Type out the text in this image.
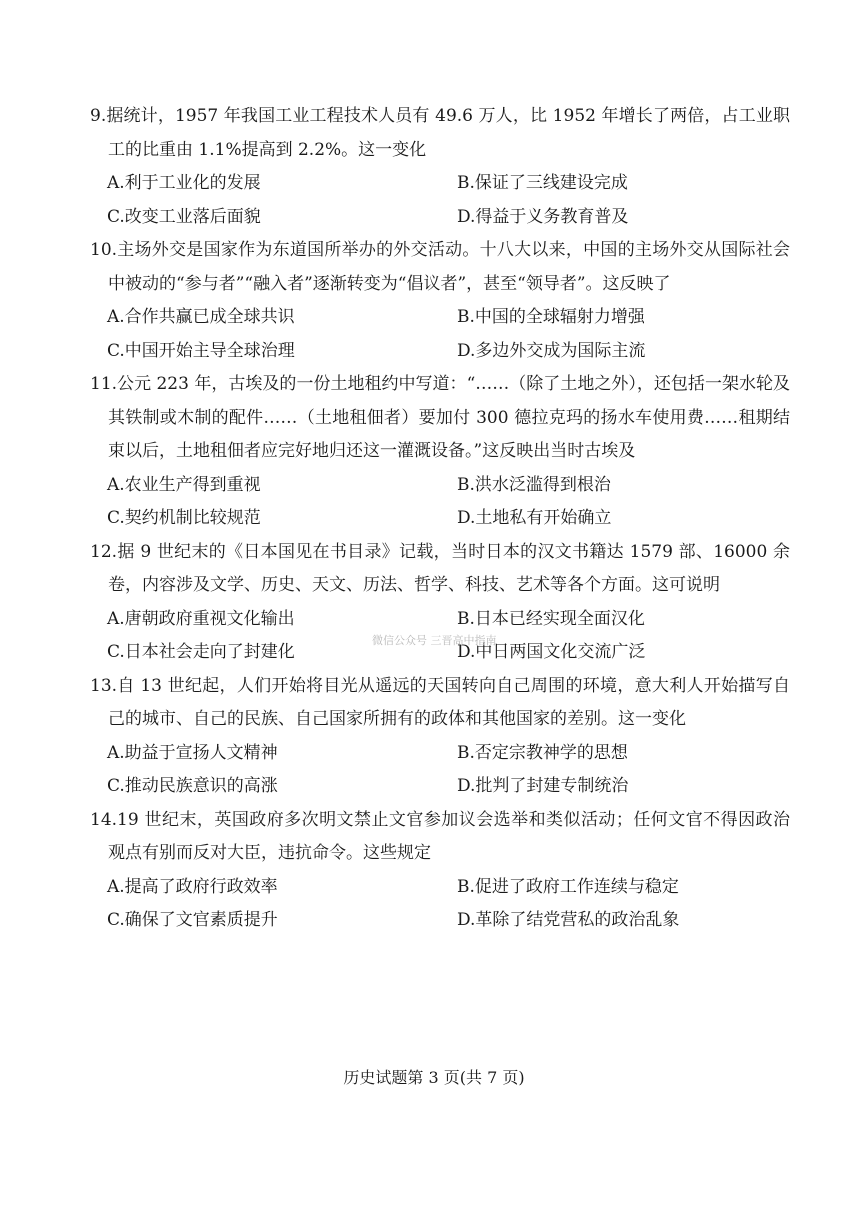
9.据统计，1957 年我国工业工程技术人员有 49.6 万人，比 1952 年增长了两倍，占工业职工的比重由 1.1%提高到 2.2%。这一变化

A.利于工业化的发展	B.保证了三线建设完成
C.改变工业落后面貌	D.得益于义务教育普及

10.主场外交是国家作为东道国所举办的外交活动。十八大以来，中国的主场外交从国际社会中被动的“参与者”“融入者”逐渐转变为“倡议者”，甚至“领导者”。这反映了

A.合作共赢已成全球共识	B.中国的全球辐射力增强
C.中国开始主导全球治理	D.多边外交成为国际主流

11.公元 223 年，古埃及的一份土地租约中写道：“……（除了土地之外），还包括一架水轮及其铁制或木制的配件……（土地租佃者）要加付 300 德拉克玛的扬水车使用费……租期结束以后，土地租佃者应完好地归还这一灌溉设备。”这反映出当时古埃及

A.农业生产得到重视	B.洪水泛滥得到根治
C.契约机制比较规范	D.土地私有开始确立

12.据 9 世纪末的《日本国见在书目录》记载，当时日本的汉文书籍达 1579 部、16000 余卷，内容涉及文学、历史、天文、历法、哲学、科技、艺术等各个方面。这可说明

A.唐朝政府重视文化输出	B.日本已经实现全面汉化
C.日本社会走向了封建化	D.中日两国文化交流广泛

13.自 13 世纪起，人们开始将目光从遥远的天国转向自己周围的环境，意大利人开始描写自己的城市、自己的民族、自己国家所拥有的政体和其他国家的差别。这一变化

A.助益于宣扬人文精神	B.否定宗教神学的思想
C.推动民族意识的高涨	D.批判了封建专制统治

14.19 世纪末，英国政府多次明文禁止文官参加议会选举和类似活动；任何文官不得因政治观点有别而反对大臣，违抗命令。这些规定

A.提高了政府行政效率	B.促进了政府工作连续与稳定
C.确保了文官素质提升	D.革除了结党营私的政治乱象
微信公众号 三晋高中指南
历史试题第 3 页(共 7 页)
